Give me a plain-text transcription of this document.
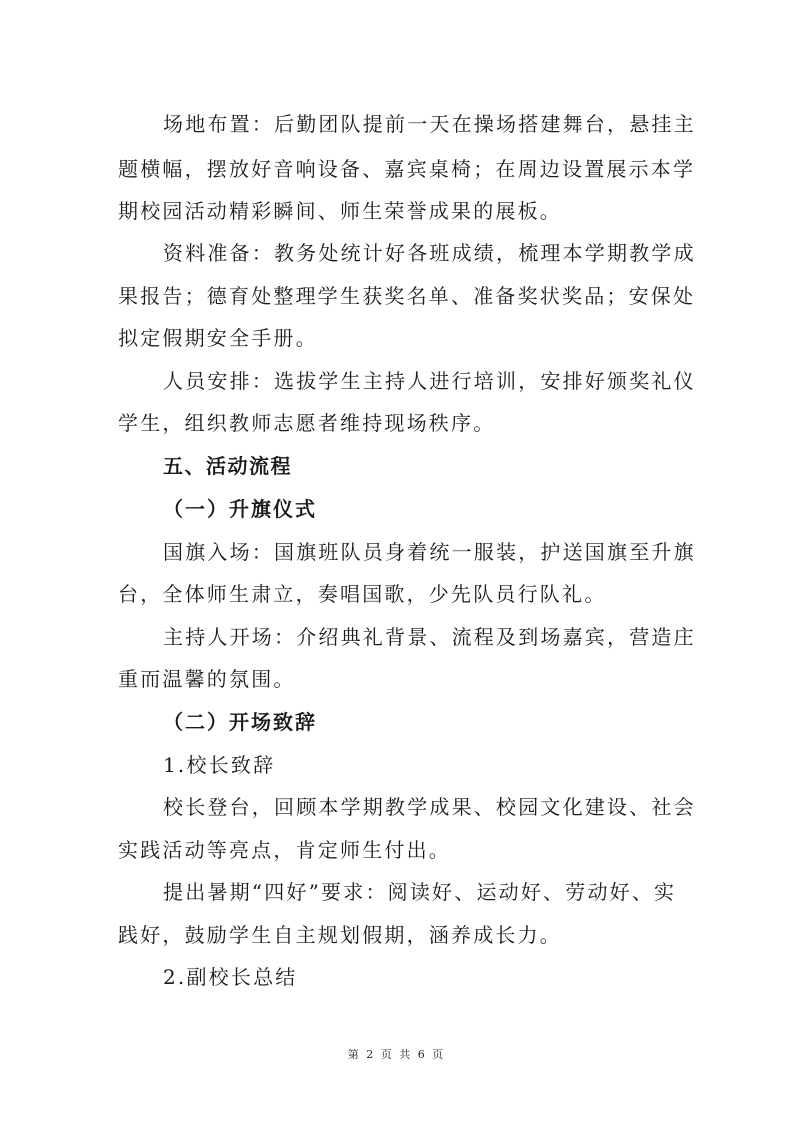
场地布置：后勤团队提前一天在操场搭建舞台，悬挂主
题横幅，摆放好音响设备、嘉宾桌椅；在周边设置展示本学
期校园活动精彩瞬间、师生荣誉成果的展板。
资料准备：教务处统计好各班成绩，梳理本学期教学成
果报告；德育处整理学生获奖名单、准备奖状奖品；安保处
拟定假期安全手册。
人员安排：选拔学生主持人进行培训，安排好颁奖礼仪
学生，组织教师志愿者维持现场秩序。
五、活动流程
（一）升旗仪式
国旗入场：国旗班队员身着统一服装，护送国旗至升旗
台，全体师生肃立，奏唱国歌，少先队员行队礼。
主持人开场：介绍典礼背景、流程及到场嘉宾，营造庄
重而温馨的氛围。
（二）开场致辞
1.校长致辞
校长登台，回顾本学期教学成果、校园文化建设、社会
实践活动等亮点，肯定师生付出。
提出暑期“四好”要求：阅读好、运动好、劳动好、实
践好，鼓励学生自主规划假期，涵养成长力。
2.副校长总结
第 2 页 共 6 页
